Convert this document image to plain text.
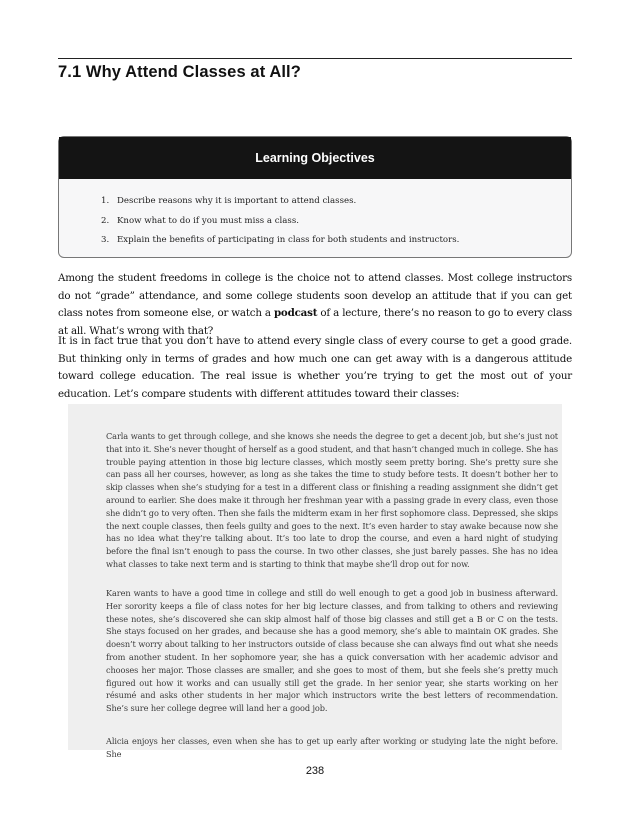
7.1 Why Attend Classes at All?
Learning Objectives
1. Describe reasons why it is important to attend classes.
2. Know what to do if you must miss a class.
3. Explain the benefits of participating in class for both students and instructors.

Among the student freedoms in college is the choice not to attend classes. Most college instructors do not “grade” attendance, and some college students soon develop an attitude that if you can get class notes from someone else, or watch a podcast of a lecture, there’s no reason to go to every class at all. What’s wrong with that?

It is in fact true that you don’t have to attend every single class of every course to get a good grade. But thinking only in terms of grades and how much one can get away with is a dangerous attitude toward college education. The real issue is whether you’re trying to get the most out of your education. Let’s compare students with different attitudes toward their classes:

Carla wants to get through college, and she knows she needs the degree to get a decent job, but she’s just not that into it. She’s never thought of herself as a good student, and that hasn’t changed much in college. She has trouble paying attention in those big lecture classes, which mostly seem pretty boring. She’s pretty sure she can pass all her courses, however, as long as she takes the time to study before tests. It doesn’t bother her to skip classes when she’s studying for a test in a different class or finishing a reading assignment she didn’t get around to earlier. She does make it through her freshman year with a passing grade in every class, even those she didn’t go to very often. Then she fails the midterm exam in her first sophomore class. Depressed, she skips the next couple classes, then feels guilty and goes to the next. It’s even harder to stay awake because now she has no idea what they’re talking about. It’s too late to drop the course, and even a hard night of studying before the final isn’t enough to pass the course. In two other classes, she just barely passes. She has no idea what classes to take next term and is starting to think that maybe she’ll drop out for now.

Karen wants to have a good time in college and still do well enough to get a good job in business afterward. Her sorority keeps a file of class notes for her big lecture classes, and from talking to others and reviewing these notes, she’s discovered she can skip almost half of those big classes and still get a B or C on the tests. She stays focused on her grades, and because she has a good memory, she’s able to maintain OK grades. She doesn’t worry about talking to her instructors outside of class because she can always find out what she needs from another student. In her sophomore year, she has a quick conversation with her academic advisor and chooses her major. Those classes are smaller, and she goes to most of them, but she feels she’s pretty much figured out how it works and can usually still get the grade. In her senior year, she starts working on her résumé and asks other students in her major which instructors write the best letters of recommendation. She’s sure her college degree will land her a good job.

Alicia enjoys her classes, even when she has to get up early after working or studying late the night before. She

238
